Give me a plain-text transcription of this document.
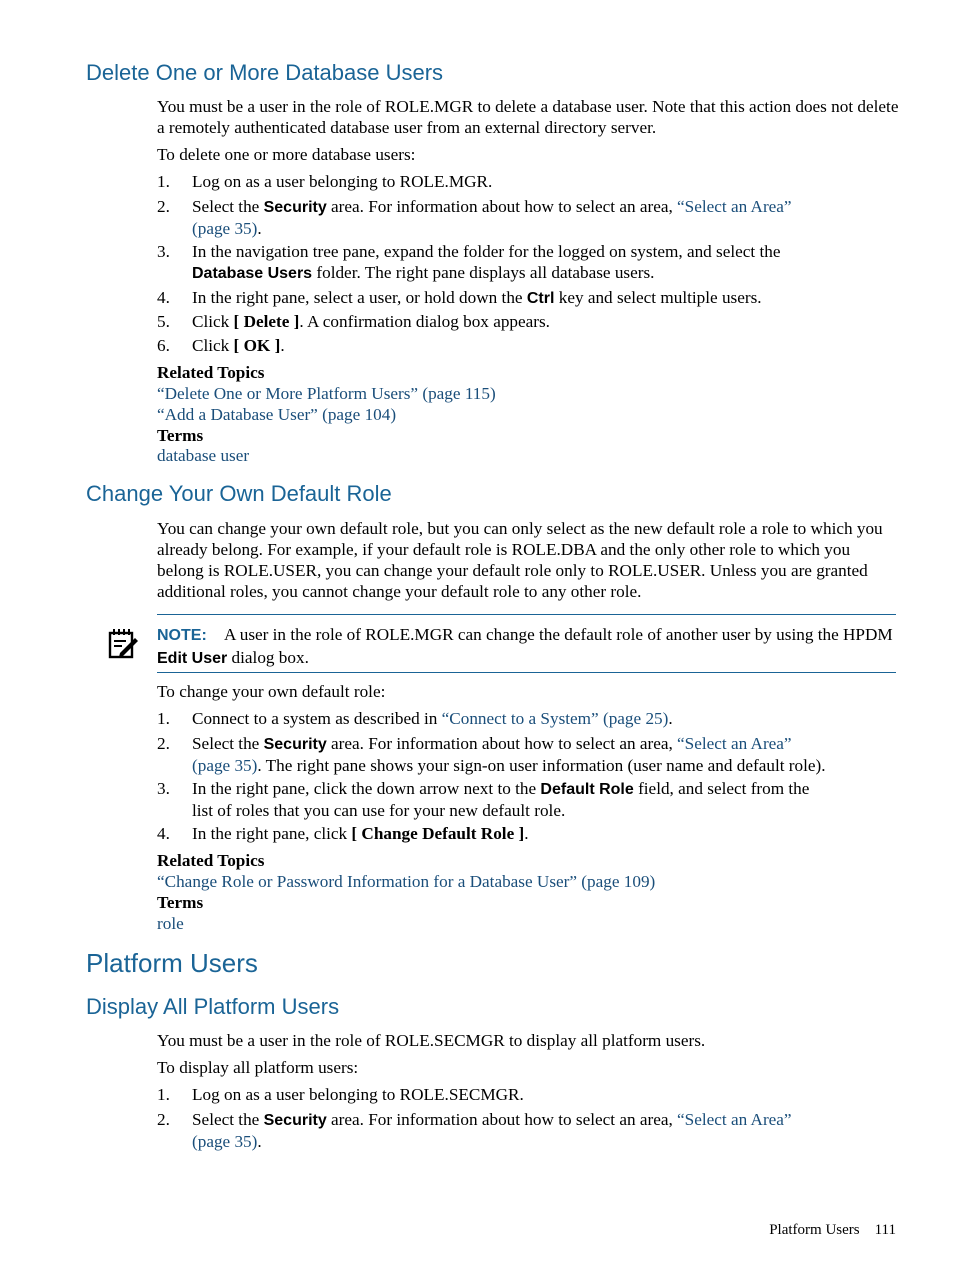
Delete One or More Database Users

You must be a user in the role of ROLE.MGR to delete a database user. Note that this action does not delete a remotely authenticated database user from an external directory server.

To delete one or more database users:

1. Log on as a user belonging to ROLE.MGR.
2. Select the Security area. For information about how to select an area, “Select an Area”
(page 35).
3. In the navigation tree pane, expand the folder for the logged on system, and select the
Database Users folder. The right pane displays all database users.
4. In the right pane, select a user, or hold down the Ctrl key and select multiple users.
5. Click [ Delete ]. A confirmation dialog box appears.
6. Click [ OK ].
Related Topics
“Delete One or More Platform Users” (page 115)
“Add a Database User” (page 104)
Terms
database user
Change Your Own Default Role

You can change your own default role, but you can only select as the new default role a role to which you already belong. For example, if your default role is ROLE.DBA and the only other role to which you belong is ROLE.USER, you can change your default role only to ROLE.USER. Unless you are granted additional roles, you cannot change your default role to any other role.

NOTE: A user in the role of ROLE.MGR can change the default role of another user by using the HPDM Edit User dialog box.

To change your own default role:

1. Connect to a system as described in “Connect to a System” (page 25).
2. Select the Security area. For information about how to select an area, “Select an Area”
(page 35). The right pane shows your sign-on user information (user name and default role).
3. In the right pane, click the down arrow next to the Default Role field, and select from the
list of roles that you can use for your new default role.
4. In the right pane, click [ Change Default Role ].
Related Topics
“Change Role or Password Information for a Database User” (page 109)
Terms
role
Platform Users
Display All Platform Users

You must be a user in the role of ROLE.SECMGR to display all platform users.

To display all platform users:

1. Log on as a user belonging to ROLE.SECMGR.
2. Select the Security area. For information about how to select an area, “Select an Area”
(page 35).
Platform Users 111
